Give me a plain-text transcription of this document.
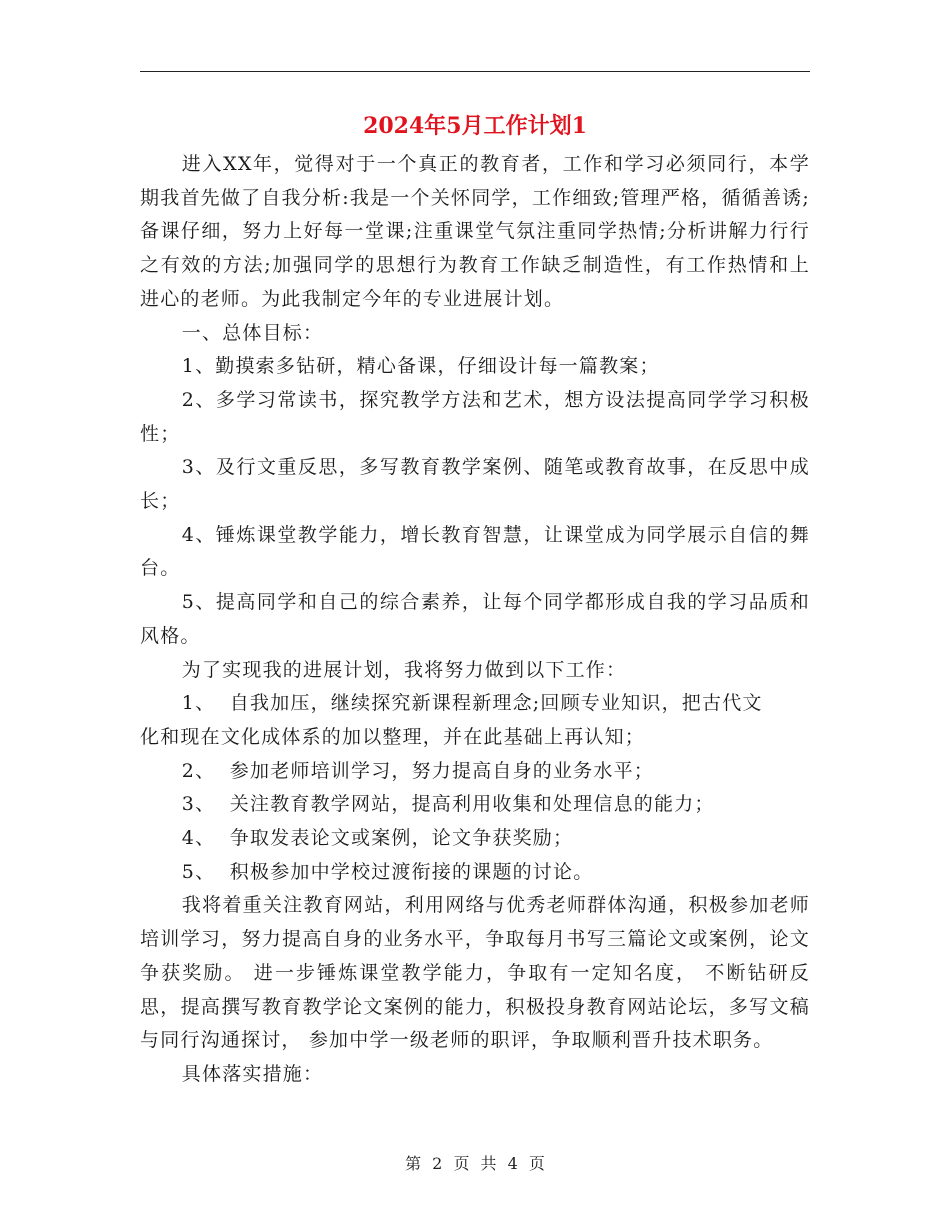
2024年5月工作计划1

进入XX年，觉得对于一个真正的教育者，工作和学习必须同行，本学期我首先做了自我分析:我是一个关怀同学，工作细致;管理严格，循循善诱;备课仔细，努力上好每一堂课;注重课堂气氛注重同学热情;分析讲解力行行之有效的方法;加强同学的思想行为教育工作缺乏制造性，有工作热情和上进心的老师。为此我制定今年的专业进展计划。

一、总体目标：

1、勤摸索多钻研，精心备课，仔细设计每一篇教案；

2、多学习常读书，探究教学方法和艺术，想方设法提高同学学习积极性；

3、及行文重反思，多写教育教学案例、随笔或教育故事，在反思中成长；

4、锤炼课堂教学能力，增长教育智慧，让课堂成为同学展示自信的舞台。

5、提高同学和自己的综合素养，让每个同学都形成自我的学习品质和风格。

为了实现我的进展计划，我将努力做到以下工作：

1、 自我加压，继续探究新课程新理念;回顾专业知识，把古代文

化和现在文化成体系的加以整理，并在此基础上再认知；

2、 参加老师培训学习，努力提高自身的业务水平；

3、 关注教育教学网站，提高利用收集和处理信息的能力；

4、 争取发表论文或案例，论文争获奖励；

5、 积极参加中学校过渡衔接的课题的讨论。

我将着重关注教育网站，利用网络与优秀老师群体沟通，积极参加老师培训学习，努力提高自身的业务水平，争取每月书写三篇论文或案例，论文争获奖励。 进一步锤炼课堂教学能力，争取有一定知名度， 不断钻研反思，提高撰写教育教学论文案例的能力，积极投身教育网站论坛，多写文稿与同行沟通探讨， 参加中学一级老师的职评，争取顺利晋升技术职务。

具体落实措施：

第 2 页 共 4 页
